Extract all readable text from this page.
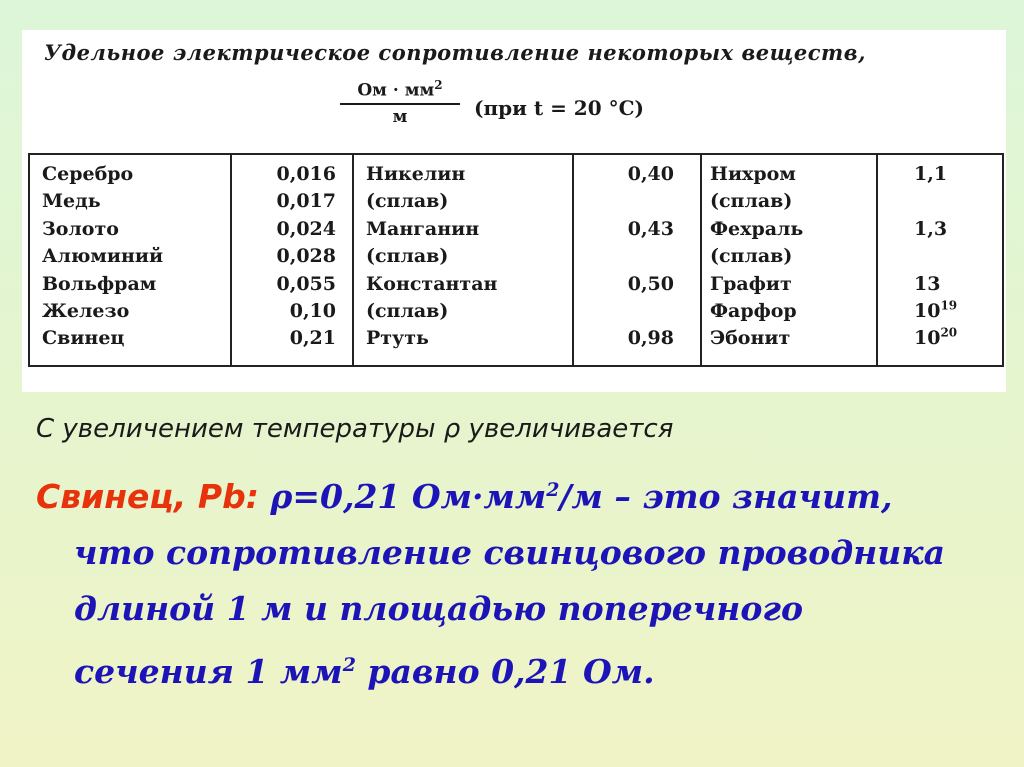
Удельное электрическое сопротивление некоторых веществ,
Ом · $мм^2$
м	(при t = 20 °C)
Серебро
Медь
Золото
Алюминий
Вольфрам
Железо
Свинец
0,016
0,017
0,024
0,028
0,055
0,10
0,21
Никелин
(сплав)
Манганин
(сплав)
Константан
(сплав)
Ртуть
0,40
0,43
0,50
0,98
Нихром
(сплав)
Фехраль
(сплав)
Графит
Фарфор
Эбонит
1,1
1,3
13
$10^{19}$
$10^{20}$
С увеличением температуры ρ увеличивается
Свинец, Pb: ρ=0,21 $Ом\cdot мм^2/м$ – это значит,
что сопротивление свинцового проводника
длиной 1 м и площадью поперечного
сечения 1 $мм^2$ равно 0,21 Ом.
